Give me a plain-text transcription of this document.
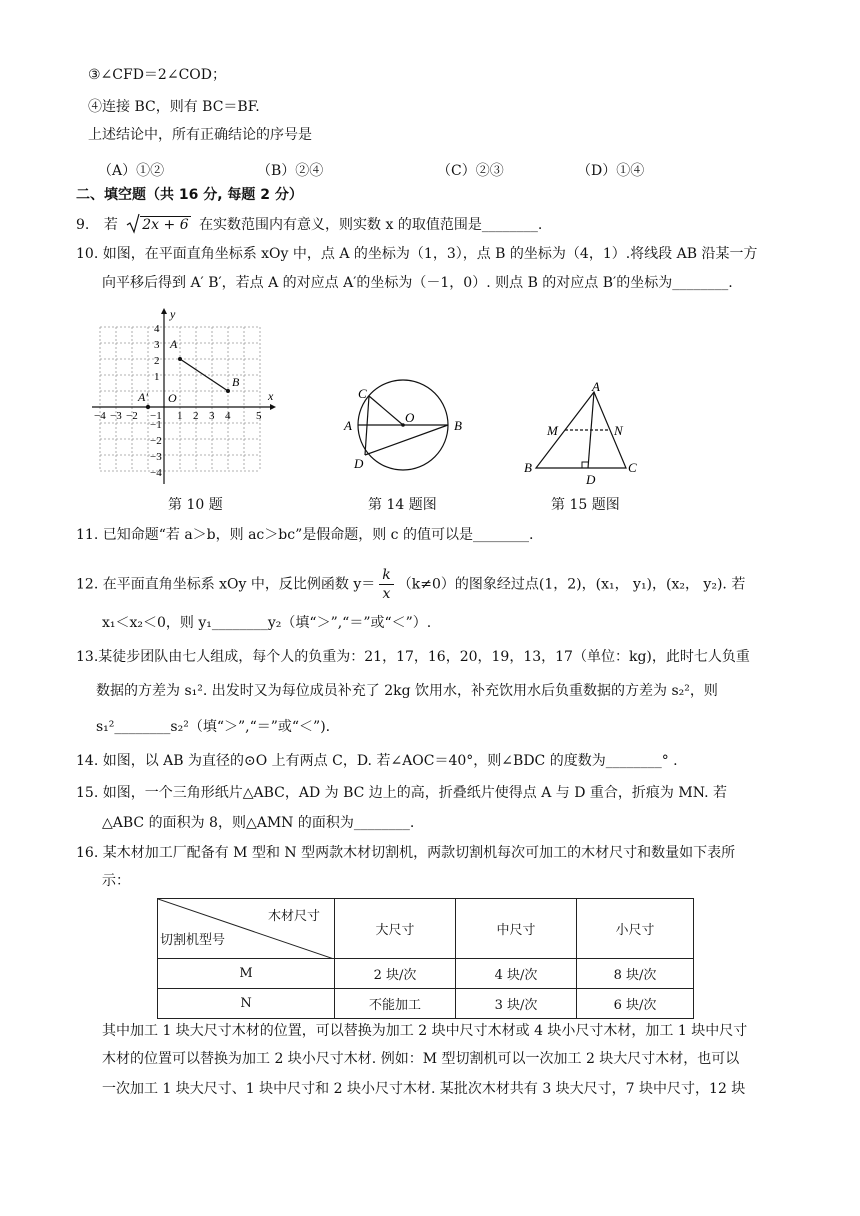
③∠CFD＝2∠COD；
④连接 BC，则有 BC＝BF.
上述结论中，所有正确结论的序号是
（A）①②	（B）②④	（C）②③	（D）①④
二、填空题（共 16 分, 每题 2 分）
9. 若 2x + 6 在实数范围内有意义，则实数 x 的取值范围是________.
10. 如图，在平面直角坐标系 xOy 中，点 A 的坐标为（1，3），点 B 的坐标为（4，1）.将线段 AB 沿某一方
向平移后得到 A′ B′，若点 A 的对应点 A′的坐标为（－1，0）. 则点 B 的对应点 B′的坐标为________.
x
y
−4 −3 −2 −1 1 2 3 4 5
4
3
2
1
−1
−2
−3
−4
O
A
B
A′
第 10 题
C
A	B
D
O
第 14 题图
A
B	C
D
M	N
第 15 题图
11. 已知命题“若 a＞b，则 ac＞bc”是假命题，则 c 的值可以是________.
12. 在平面直角坐标系 xOy 中，反比例函数 $y= \frac{k}{x} (k\ne 0)$的图象经过点(1，2)，(x₁， y₁)，(x₂， y₂). 若
x₁＜x₂＜0，则 y₁________y₂（填“＞”,“＝”或“＜”）.
13.某徒步团队由七人组成，每个人的负重为：21，17，16，20，19，13，17（单位：kg)，此时七人负重
数据的方差为 s₁². 出发时又为每位成员补充了 2kg 饮用水，补充饮用水后负重数据的方差为 s₂²，则
s₁²________s₂²（填“＞”,“＝”或“＜”).
14. 如图，以 AB 为直径的⊙O 上有两点 C，D. 若∠AOC＝40°，则∠BDC 的度数为________° .
15. 如图，一个三角形纸片△ABC，AD 为 BC 边上的高，折叠纸片使得点 A 与 D 重合，折痕为 MN. 若
△ABC 的面积为 8，则△AMN 的面积为________.
16. 某木材加工厂配备有 M 型和 N 型两款木材切割机，两款切割机每次可加工的木材尺寸和数量如下表所
示：
木材尺寸
切割机型号	大尺寸	中尺寸	小尺寸
M	2 块/次	4 块/次	8 块/次
N	不能加工	3 块/次	6 块/次
其中加工 1 块大尺寸木材的位置，可以替换为加工 2 块中尺寸木材或 4 块小尺寸木材，加工 1 块中尺寸
木材的位置可以替换为加工 2 块小尺寸木材. 例如：M 型切割机可以一次加工 2 块大尺寸木材，也可以
一次加工 1 块大尺寸、1 块中尺寸和 2 块小尺寸木材. 某批次木材共有 3 块大尺寸，7 块中尺寸，12 块
